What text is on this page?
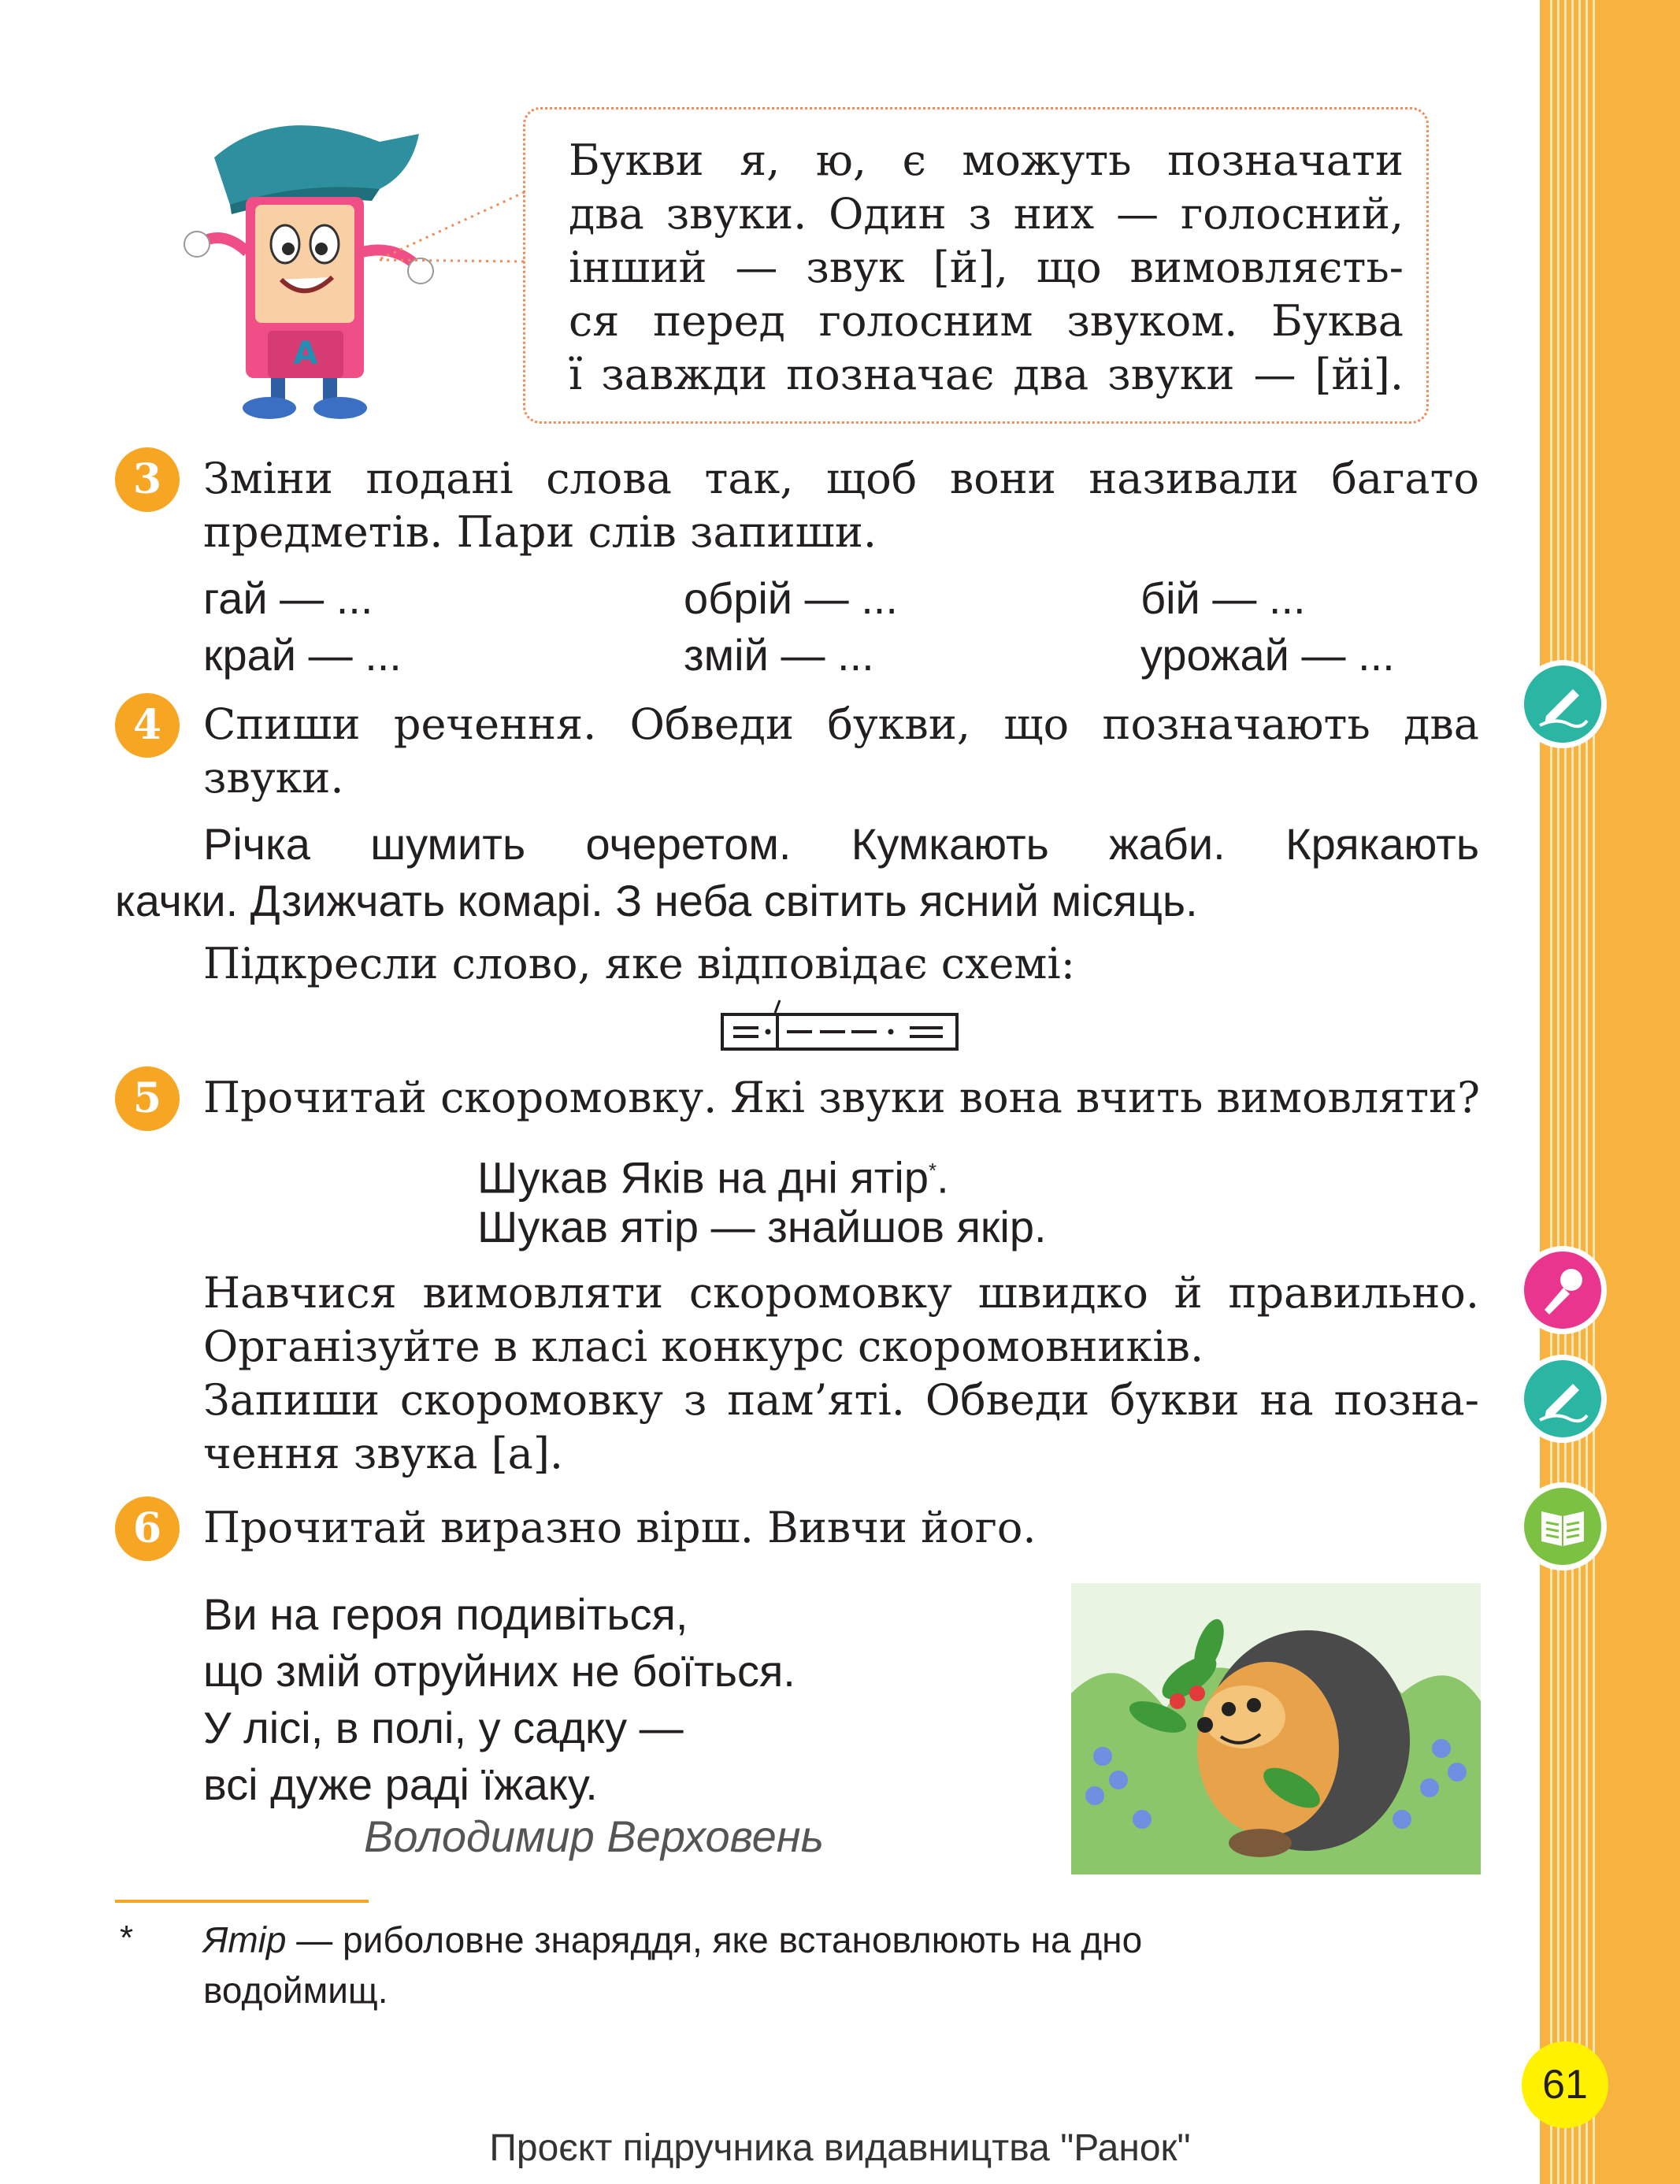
А

Букви я, ю, є можуть позначати

два звуки. Один з них — голосний,

інший — звук [й], що вимовляєть-

ся перед голосним звуком. Буква

ї завжди позначає два звуки — [йі].

3 Зміни подані слова так, щоб вони називали багато
предметів. Пари слів запиши.
гай — ...	обрій — ...	бій — ...
край — ...	змій — ...	урожай — ...
4 Спиши речення. Обведи букви, що позначають два
звуки.
Річка шумить очеретом. Кумкають жаби. Крякають
качки. Дзижчать комарі. З неба світить ясний місяць.
Підкресли слово, яке відповідає схемі:
5 Прочитай скоромовку. Які звуки вона вчить вимовляти?
Шукав Яків на дні ятір*.
Шукав ятір — знайшов якір.
Навчися вимовляти скоромовку швидко й правильно.
Організуйте в класі конкурс скоромовників.
Запиши скоромовку з пам’яті. Обведи букви на позна-
чення звука [а].
6 Прочитай виразно вірш. Вивчи його.
Ви на героя подивіться,
що змій отруйних не боїться.
У лісі, в полі, у садку —
всі дуже раді їжаку.
Володимир Верховень
* Ятір — риболовне знаряддя, яке встановлюють на дно
водоймищ.
61
Проєкт підручника видавництва "Ранок"
